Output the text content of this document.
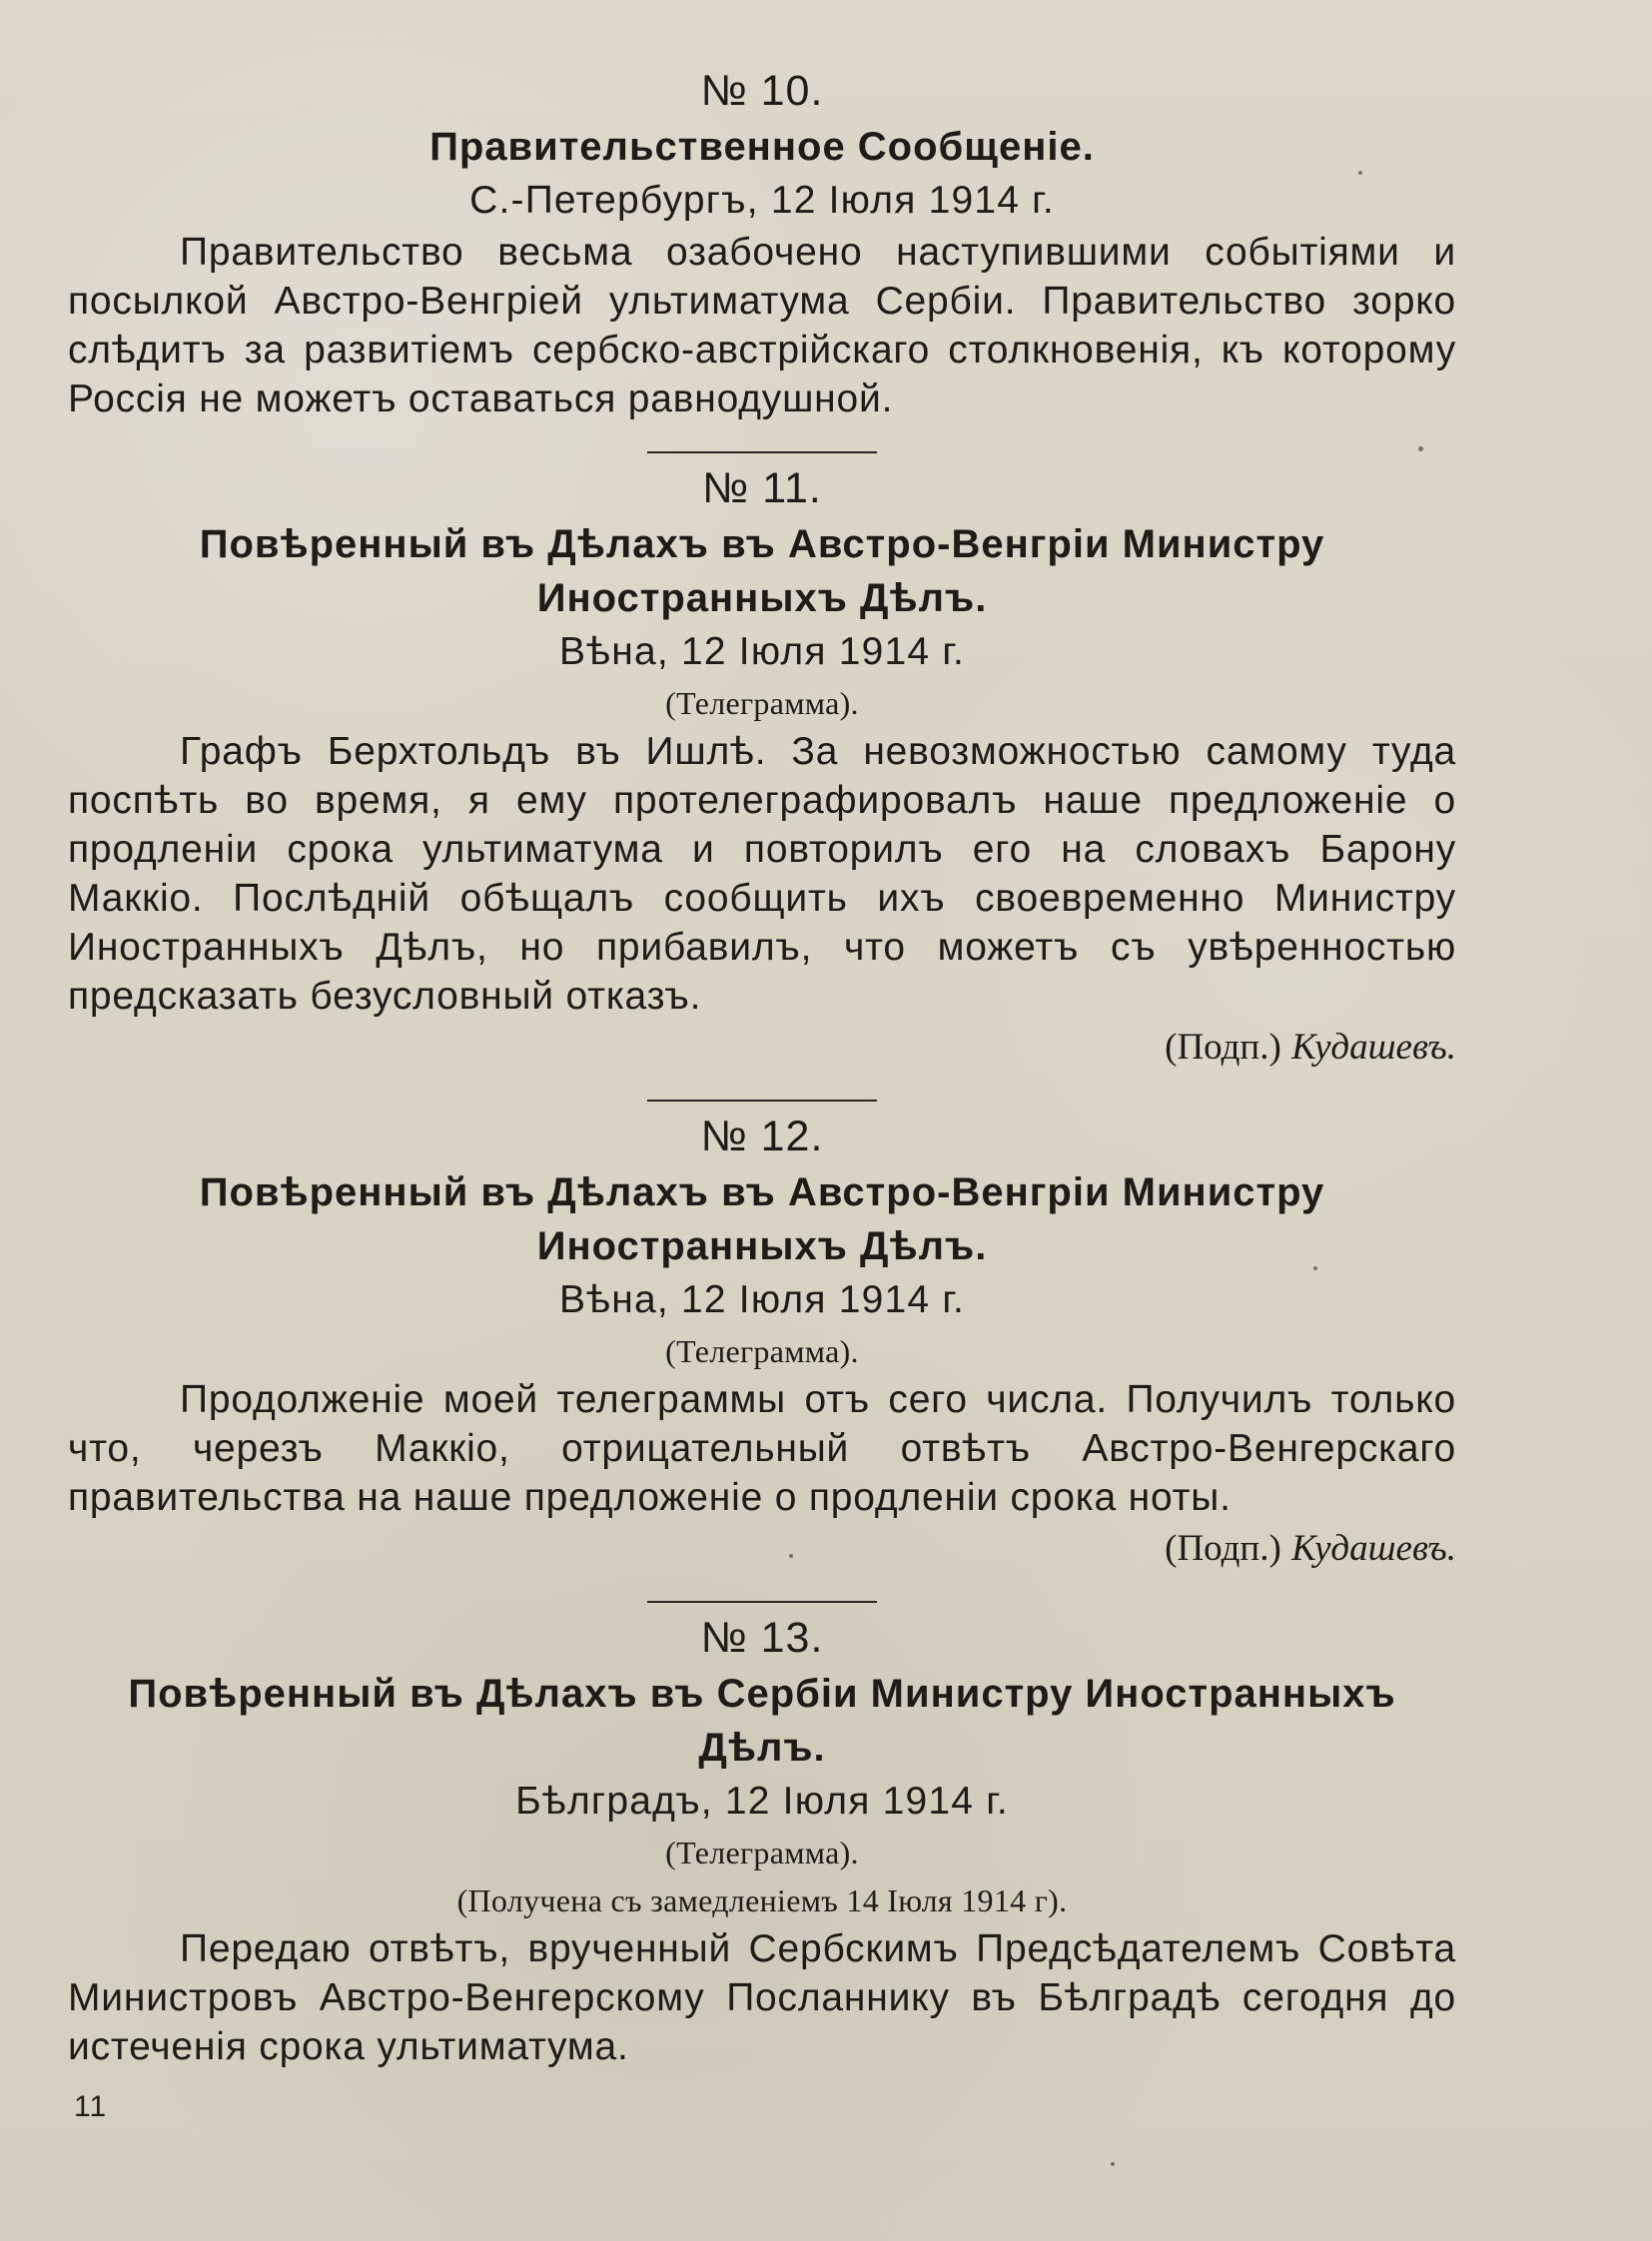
№ 10.

Правительственное Сообщеніе.

С.-Петербургъ, 12 Іюля 1914 г.

Правительство весьма озабочено наступившими событіями и посылкой Австро-Венгріей ультиматума Сербіи. Правительство зорко слѣдитъ за развитіемъ сербско-австрійскаго столкновенія, къ которому Россія не можетъ оставаться равнодушной.

№ 11.

Повѣренный въ Дѣлахъ въ Австро-Венгріи Министру Иностранныхъ Дѣлъ.

Вѣна, 12 Іюля 1914 г.

(Телеграмма).

Графъ Берхтольдъ въ Ишлѣ. За невозможностью самому туда поспѣть во время, я ему протелеграфировалъ наше предложеніе о продленіи срока ультиматума и повторилъ его на словахъ Барону Маккіо. Послѣдній обѣщалъ сообщить ихъ своевременно Министру Иностранныхъ Дѣлъ, но прибавилъ, что можетъ съ увѣренностью предсказать безусловный отказъ.

(Подп.) Кудашевъ.

№ 12.

Повѣренный въ Дѣлахъ въ Австро-Венгріи Министру Иностранныхъ Дѣлъ.

Вѣна, 12 Іюля 1914 г.

(Телеграмма).

Продолженіе моей телеграммы отъ сего числа. Получилъ только что, черезъ Маккіо, отрицательный отвѣтъ Австро-Венгерскаго правительства на наше предложеніе о продленіи срока ноты.

(Подп.) Кудашевъ.

№ 13.

Повѣренный въ Дѣлахъ въ Сербіи Министру Иностранныхъ Дѣлъ.

Бѣлградъ, 12 Іюля 1914 г.

(Телеграмма).

(Получена съ замедленіемъ 14 Іюля 1914 г).

Передаю отвѣтъ, врученный Сербскимъ Предсѣдателемъ Совѣта Министровъ Австро-Венгерскому Посланнику въ Бѣлградѣ сегодня до истеченія срока ультиматума.

11
